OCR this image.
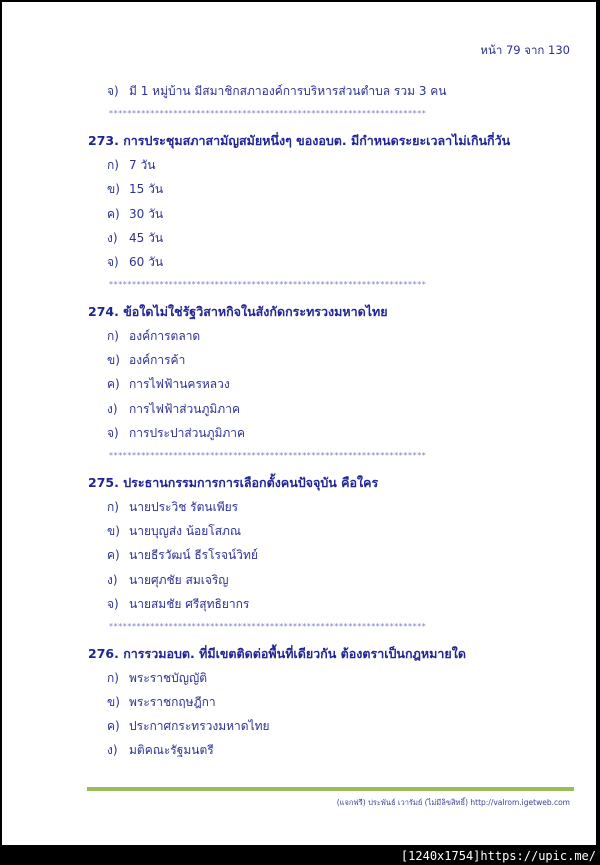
หน้า 79 จาก 130
จ) มี 1 หมู่บ้าน มีสมาชิกสภาองค์การบริหารส่วนตำบล รวม 3 คน
*********************************************************************
273. การประชุมสภาสามัญสมัยหนึ่งๆ ของอบต. มีกำหนดระยะเวลาไม่เกินกี่วัน
ก) 7 วัน
ข) 15 วัน
ค) 30 วัน
ง) 45 วัน
จ) 60 วัน
*********************************************************************
274. ข้อใดไม่ใช่รัฐวิสาหกิจในสังกัดกระทรวงมหาดไทย
ก) องค์การตลาด
ข) องค์การค้า
ค) การไฟฟ้านครหลวง
ง) การไฟฟ้าส่วนภูมิภาค
จ) การประปาส่วนภูมิภาค
*********************************************************************
275. ประธานกรรมการการเลือกตั้งคนปัจจุบัน คือใคร
ก) นายประวิช รัตนเพียร
ข) นายบุญส่ง น้อยโสภณ
ค) นายธีรวัฒน์ ธีรโรจน์วิทย์
ง) นายศุภชัย สมเจริญ
จ) นายสมชัย ศรีสุทธิยากร
*********************************************************************
276. การรวมอบต. ที่มีเขตติดต่อพื้นที่เดียวกัน ต้องตราเป็นกฎหมายใด
ก) พระราชบัญญัติ
ข) พระราชกฤษฎีกา
ค) ประกาศกระทรวงมหาดไทย
ง) มติคณะรัฐมนตรี
(แจกฟรี) ประพันธ์ เวารัมย์ (ไม่มีลิขสิทธิ์) http://valrom.igetweb.com
[1240x1754]https://upic.me/
